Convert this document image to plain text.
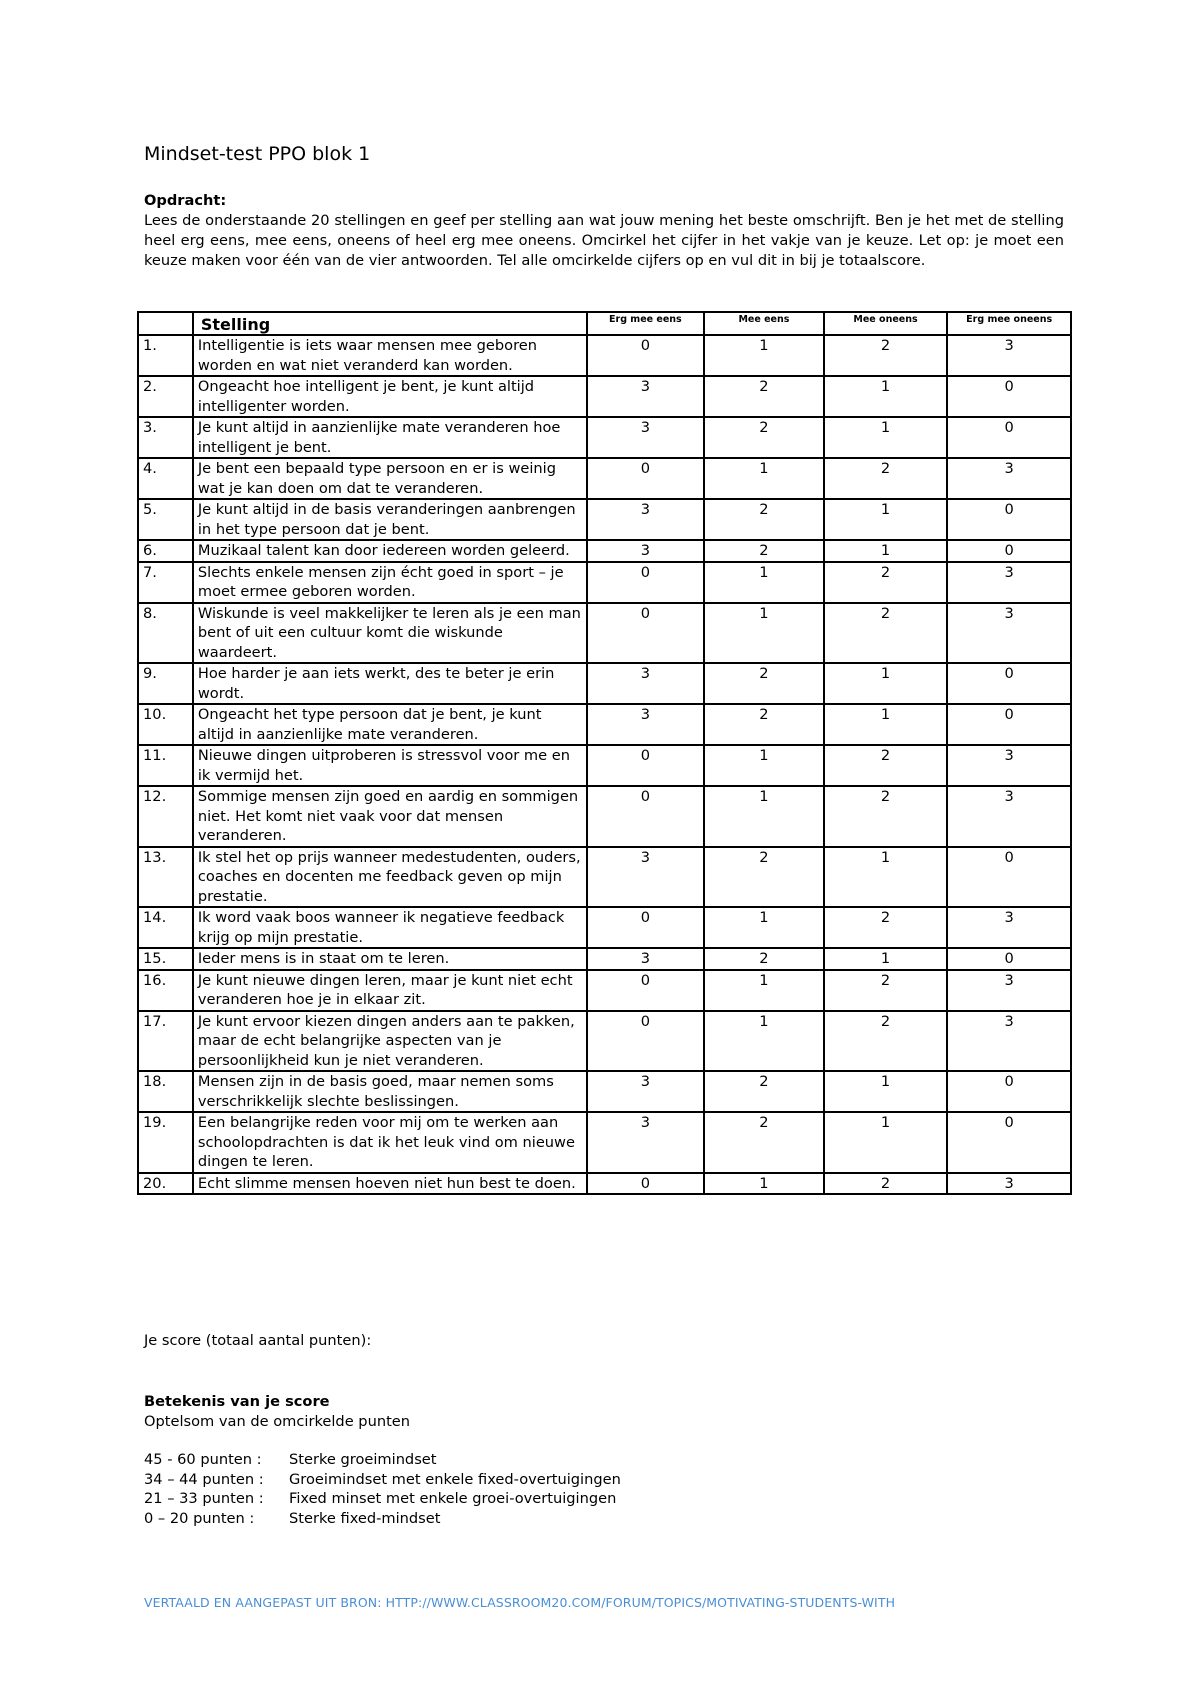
Mindset-test PPO blok 1
Opdracht:
Lees de onderstaande 20 stellingen en geef per stelling aan wat jouw mening het beste omschrijft. Ben je het met de stelling heel erg eens, mee eens, oneens of heel erg mee oneens. Omcirkel het cijfer in het vakje van je keuze. Let op: je moet een keuze maken voor één van de vier antwoorden. Tel alle omcirkelde cijfers op en vul dit in bij je totaalscore.
	Stelling	Erg mee eens	Mee eens	Mee oneens	Erg mee oneens
1.	Intelligentie is iets waar mensen mee geboren worden en wat niet veranderd kan worden.	0	1	2	3
2.	Ongeacht hoe intelligent je bent, je kunt altijd intelligenter worden.	3	2	1	0
3.	Je kunt altijd in aanzienlijke mate veranderen hoe intelligent je bent.	3	2	1	0
4.	Je bent een bepaald type persoon en er is weinig wat je kan doen om dat te veranderen.	0	1	2	3
5.	Je kunt altijd in de basis veranderingen aanbrengen in het type persoon dat je bent.	3	2	1	0
6.	Muzikaal talent kan door iedereen worden geleerd.	3	2	1	0
7.	Slechts enkele mensen zijn écht goed in sport – je moet ermee geboren worden.	0	1	2	3
8.	Wiskunde is veel makkelijker te leren als je een man bent of uit een cultuur komt die wiskunde waardeert.	0	1	2	3
9.	Hoe harder je aan iets werkt, des te beter je erin wordt.	3	2	1	0
10.	Ongeacht het type persoon dat je bent, je kunt altijd in aanzienlijke mate veranderen.	3	2	1	0
11.	Nieuwe dingen uitproberen is stressvol voor me en ik vermijd het.	0	1	2	3
12.	Sommige mensen zijn goed en aardig en sommigen niet. Het komt niet vaak voor dat mensen veranderen.	0	1	2	3
13.	Ik stel het op prijs wanneer medestudenten, ouders, coaches en docenten me feedback geven op mijn prestatie.	3	2	1	0
14.	Ik word vaak boos wanneer ik negatieve feedback krijg op mijn prestatie.	0	1	2	3
15.	Ieder mens is in staat om te leren.	3	2	1	0
16.	Je kunt nieuwe dingen leren, maar je kunt niet echt veranderen hoe je in elkaar zit.	0	1	2	3
17.	Je kunt ervoor kiezen dingen anders aan te pakken, maar de echt belangrijke aspecten van je persoonlijkheid kun je niet veranderen.	0	1	2	3
18.	Mensen zijn in de basis goed, maar nemen soms verschrikkelijk slechte beslissingen.	3	2	1	0
19.	Een belangrijke reden voor mij om te werken aan schoolopdrachten is dat ik het leuk vind om nieuwe dingen te leren.	3	2	1	0
20.	Echt slimme mensen hoeven niet hun best te doen.	0	1	2	3
Je score (totaal aantal punten):
Betekenis van je score
Optelsom van de omcirkelde punten
45 - 60 punten :	Sterke groeimindset
34 – 44 punten :	Groeimindset met enkele fixed-overtuigingen
21 – 33 punten :	Fixed minset met enkele groei-overtuigingen
0 – 20 punten :	Sterke fixed-mindset
VERTAALD EN AANGEPAST UIT BRON: HTTP://WWW.CLASSROOM20.COM/FORUM/TOPICS/MOTIVATING-STUDENTS-WITH
